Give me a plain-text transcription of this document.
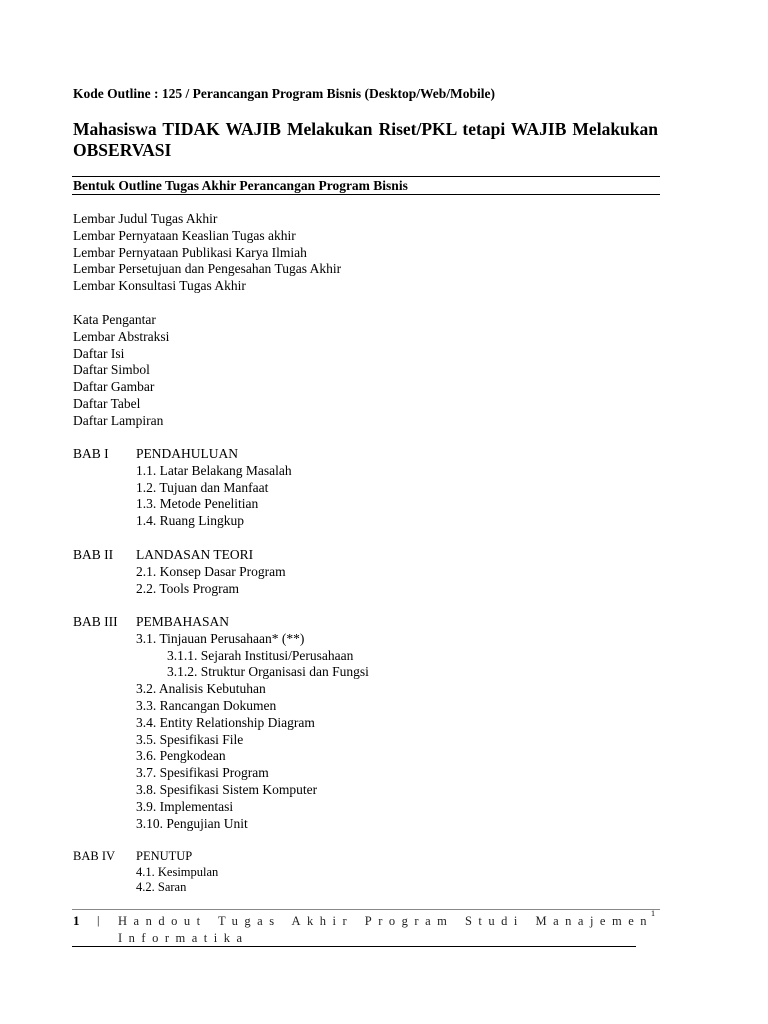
Kode Outline : 125 / Perancangan Program Bisnis (Desktop/Web/Mobile)
Mahasiswa TIDAK WAJIB Melakukan Riset/PKL tetapi WAJIB Melakukan OBSERVASI
Bentuk Outline Tugas Akhir Perancangan Program Bisnis
Lembar Judul Tugas Akhir
Lembar Pernyataan Keaslian Tugas akhir
Lembar Pernyataan Publikasi Karya Ilmiah
Lembar Persetujuan dan Pengesahan Tugas Akhir
Lembar Konsultasi Tugas Akhir
Kata Pengantar
Lembar Abstraksi
Daftar Isi
Daftar Simbol
Daftar Gambar
Daftar Tabel
Daftar Lampiran
BAB I PENDAHULUAN
1.1. Latar Belakang Masalah
1.2. Tujuan dan Manfaat
1.3. Metode Penelitian
1.4. Ruang Lingkup
BAB II LANDASAN TEORI
2.1. Konsep Dasar Program
2.2. Tools Program
BAB III PEMBAHASAN
3.1. Tinjauan Perusahaan* (**)
3.1.1. Sejarah Institusi/Perusahaan
3.1.2. Struktur Organisasi dan Fungsi
3.2. Analisis Kebutuhan
3.3. Rancangan Dokumen
3.4. Entity Relationship Diagram
3.5. Spesifikasi File
3.6. Pengkodean
3.7. Spesifikasi Program
3.8. Spesifikasi Sistem Komputer
3.9. Implementasi
3.10. Pengujian Unit
BAB IV PENUTUP
4.1. Kesimpulan
4.2. Saran
1 | Handout Tugas Akhir Program Studi Manajemen Informatika
1
